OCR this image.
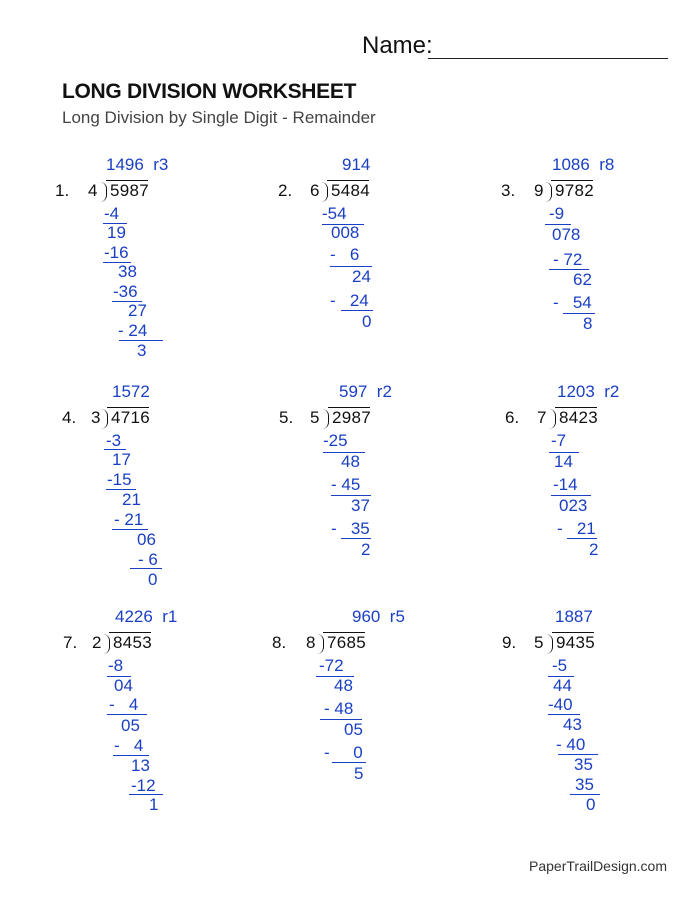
Name:
LONG DIVISION WORKSHEET
Long Division by Single Digit - Remainder
1. 4 5987
1496  r3
-4
19
-16
38
-36
27
- 24
3
2. 6 5484
914
-54
008
-   6
24
-   24
0
3. 9 9782
1086  r8
-9
078
- 72
62
-   54
8
4. 3 4716
1572
-3
17
-15
21
- 21
06
- 6
0
5. 5 2987
597  r2
-25
48
- 45
37
-   35
2
6. 7 8423
1203  r2
-7
14
-14
023
-   21
2
7. 2 8453
4226  r1
-8
04
-   4
05
-   4
13
-12
1
8. 8 7685
960  r5
-72
48
- 48
05
-     0
5
9. 5 9435
1887
-5
44
-40
43
- 40
35
35
0
PaperTrailDesign.com
